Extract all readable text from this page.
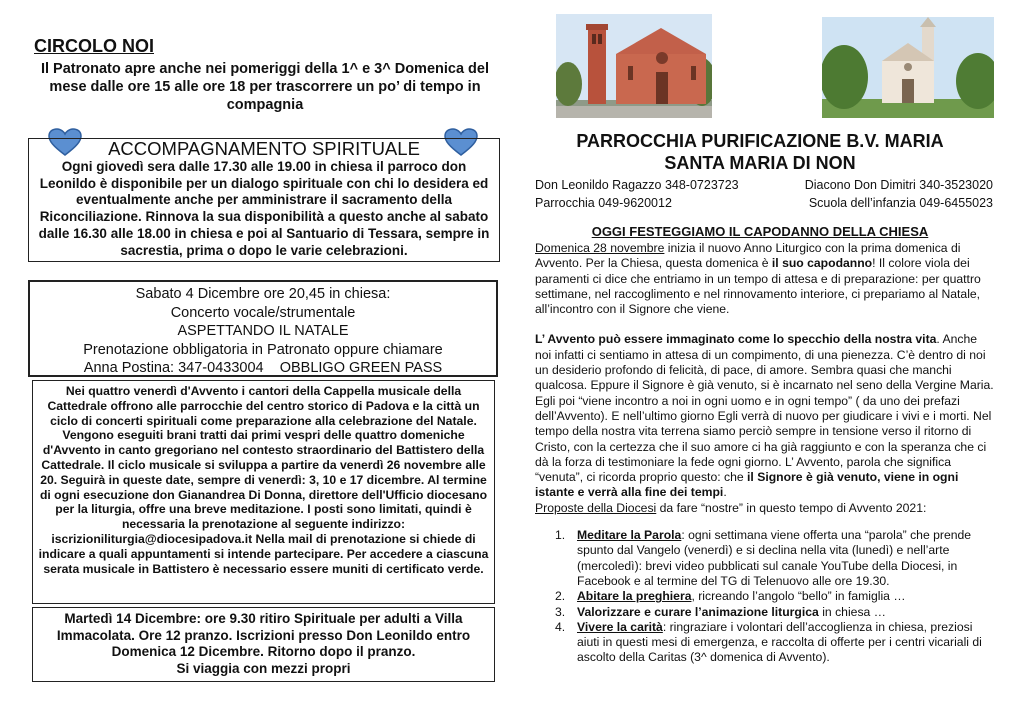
CIRCOLO NOI
Il Patronato apre anche nei pomeriggi della 1^ e 3^ Domenica del mese dalle ore 15 alle ore 18 per trascorrere un po’ di tempo in compagnia
ACCOMPAGNAMENTO SPIRITUALE
Ogni giovedì sera dalle 17.30 alle 19.00 in chiesa il parroco don Leonildo è disponibile per un dialogo spirituale con chi lo desidera ed eventualmente anche per amministrare il sacramento della Riconciliazione. Rinnova la sua disponibilità a questo anche al sabato dalle 16.30 alle 18.00 in chiesa e poi al Santuario di Tessara, sempre in sacrestia, prima o dopo le varie celebrazioni.
Sabato 4 Dicembre ore 20,45 in chiesa:
Concerto vocale/strumentale
ASPETTANDO IL NATALE
Prenotazione obbligatoria in Patronato oppure chiamare
Anna Postina: 347-0433004    OBBLIGO GREEN PASS
Nei quattro venerdì d'Avvento i cantori della Cappella musicale della Cattedrale offrono alle parrocchie del centro storico di Padova e la città un ciclo di concerti spirituali come preparazione alla celebrazione del Natale. Vengono eseguiti brani tratti dai primi vespri delle quattro domeniche d'Avvento in canto gregoriano nel contesto straordinario del Battistero della Cattedrale. Il ciclo musicale si sviluppa a partire da venerdì 26 novembre alle 20. Seguirà in queste date, sempre di venerdì: 3, 10 e 17 dicembre. Al termine di ogni esecuzione don Gianandrea Di Donna, direttore dell'Ufficio diocesano per la liturgia, offre una breve meditazione. I posti sono limitati, quindi è necessaria la prenotazione al seguente indirizzo: iscrizioniliturgia@diocesipadova.it Nella mail di prenotazione si chiede di indicare a quali appuntamenti si intende partecipare. Per accedere a ciascuna serata musicale in Battistero è necessario essere muniti di certificato verde.
Martedì 14 Dicembre: ore 9.30 ritiro Spirituale per adulti a Villa Immacolata. Ore 12 pranzo. Iscrizioni presso Don Leonildo entro Domenica 12 Dicembre. Ritorno dopo il pranzo.
Si viaggia con mezzi propri
PARROCCHIA PURIFICAZIONE B.V. MARIA
SANTA MARIA DI NON
Don Leonildo Ragazzo 348-0723723	Diacono Don Dimitri 340-3523020
Parrocchia 049-9620012	Scuola dell’infanzia 049-6455023
OGGI FESTEGGIAMO IL CAPODANNO DELLA CHIESA

Domenica 28 novembre inizia il nuovo Anno Liturgico con la prima domenica di Avvento. Per la Chiesa, questa domenica è il suo capodanno! Il colore viola dei paramenti ci dice che entriamo in un tempo di attesa e di preparazione: per quattro settimane, nel raccoglimento e nel rinnovamento interiore, ci prepariamo al Natale, all’incontro con il Signore che viene.

L’ Avvento può essere immaginato come lo specchio della nostra vita. Anche noi infatti ci sentiamo in attesa di un compimento, di una pienezza. C’è dentro di noi un desiderio profondo di felicità, di pace, di amore. Sembra quasi che manchi qualcosa. Eppure il Signore è già venuto, si è incarnato nel seno della Vergine Maria. Egli poi “viene incontro a noi in ogni uomo e in ogni tempo” ( da uno dei prefazi dell’Avvento). E nell’ultimo giorno Egli verrà di nuovo per giudicare i vivi e i morti. Nel tempo della nostra vita terrena siamo perciò sempre in tensione verso il ritorno di Cristo, con la certezza che il suo amore ci ha già raggiunto e con la speranza che ci dà la forza di testimoniare la fede ogni giorno. L’ Avvento, parola che significa “venuta”, ci ricorda proprio questo: che il Signore è già venuto, viene in ogni istante e verrà alla fine dei tempi.

Proposte della Diocesi da fare “nostre” in questo tempo di Avvento 2021:

1. Meditare la Parola: ogni settimana viene offerta una “parola” che prende spunto dal Vangelo (venerdì) e si declina nella vita (lunedì) e nell’arte (mercoledì): brevi video pubblicati sul canale YouTube della Diocesi, in Facebook e al termine del TG di Telenuovo alle ore 19.30.
2. Abitare la preghiera, ricreando l’angolo “bello” in famiglia …
3. Valorizzare e curare l’animazione liturgica in chiesa …
4. Vivere la carità: ringraziare i volontari dell’accoglienza in chiesa, preziosi aiuti in questi mesi di emergenza, e raccolta di offerte per i centri vicariali di ascolto della Caritas (3^ domenica di Avvento).
